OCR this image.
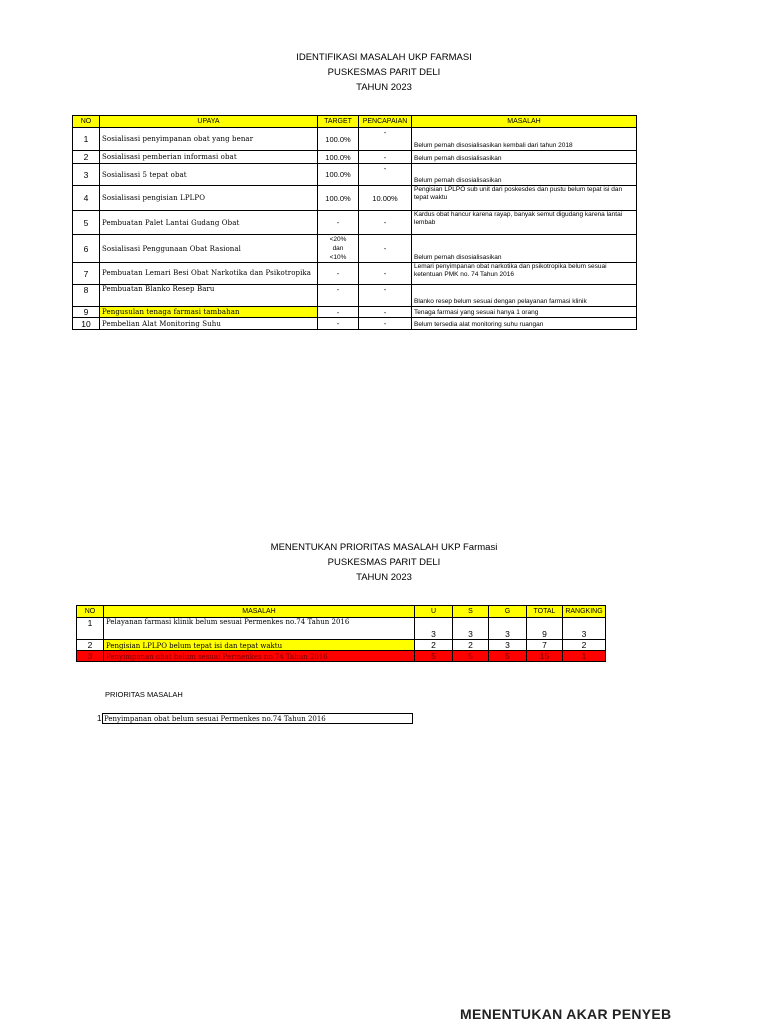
IDENTIFIKASI MASALAH UKP FARMASI
PUSKESMAS PARIT DELI
TAHUN 2023
NO	UPAYA	TARGET	PENCAPAIAN	MASALAH
1	Sosialisasi penyimpanan obat yang benar	100.0%	-	Belum pernah disosialisasikan kembali dari tahun 2018
2	Sosialisasi pemberian informasi obat	100.0%	-	Belum pernah disosialisasikan
3	Sosialisasi 5 tepat obat	100.0%	-	Belum pernah disosialisasikan
4	Sosialisasi pengisian LPLPO	100.0%	10.00%	Pengisian LPLPO sub unit dari poskesdes dan pustu belum tepat isi dan tepat waktu
5	Pembuatan Palet Lantai Gudang Obat	-	-	Kardus obat hancur karena rayap, banyak semut digudang karena lantai lembab
6	Sosialisasi Penggunaan Obat Rasional	<20% dan <10%	-	Belum pernah disosialisasikan
7	Pembuatan Lemari Besi Obat Narkotika dan Psikotropika	-	-	Lemari penyimpanan obat narkotika dan psikotropika belum sesuai ketentuan PMK no. 74 Tahun 2016
8	Pembuatan Blanko Resep Baru	-	-	Blanko resep belum sesuai dengan pelayanan farmasi klinik
9	Pengusulan tenaga farmasi tambahan	-	-	Tenaga farmasi yang sesuai hanya 1 orang
10	Pembelian Alat Monitoring Suhu	-	-	Belum tersedia alat monitoring suhu ruangan
MENENTUKAN PRIORITAS MASALAH UKP Farmasi
PUSKESMAS PARIT DELI
TAHUN 2023
NO	MASALAH	U	S	G	TOTAL	RANGKING
1	Pelayanan farmasi klinik belum sesuai Permenkes no.74 Tahun 2016	3	3	3	9	3
2	Pengisian LPLPO belum tepat isi dan tepat waktu	2	2	3	7	2
3	Penyimpanan obat belum sesuai Permenkes no.74 Tahun 2016	5	5	5	15	1
PRIORITAS MASALAH
1 Penyimpanan obat belum sesuai Permenkes no.74 Tahun 2016
MENENTUKAN AKAR PENYEB
